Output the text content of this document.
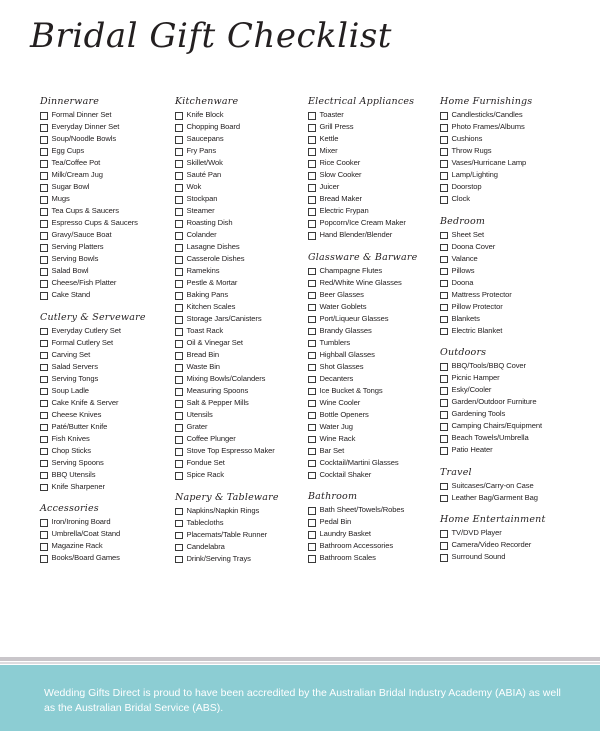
Bridal Gift Checklist
Dinnerware
Formal Dinner Set
Everyday Dinner Set
Soup/Noodle Bowls
Egg Cups
Tea/Coffee Pot
Milk/Cream Jug
Sugar Bowl
Mugs
Tea Cups & Saucers
Espresso Cups & Saucers
Gravy/Sauce Boat
Serving Platters
Serving Bowls
Salad Bowl
Cheese/Fish Platter
Cake Stand
Cutlery & Serveware
Everyday Cutlery Set
Formal Cutlery Set
Carving Set
Salad Servers
Serving Tongs
Soup Ladle
Cake Knife & Server
Cheese Knives
Paté/Butter Knife
Fish Knives
Chop Sticks
Serving Spoons
BBQ Utensils
Knife Sharpener
Accessories
Iron/Ironing Board
Umbrella/Coat Stand
Magazine Rack
Books/Board Games
Kitchenware
Knife Block
Chopping Board
Saucepans
Fry Pans
Skillet/Wok
Sauté Pan
Wok
Stockpan
Steamer
Roasting Dish
Colander
Lasagne Dishes
Casserole Dishes
Ramekins
Pestle & Mortar
Baking Pans
Kitchen Scales
Storage Jars/Canisters
Toast Rack
Oil & Vinegar Set
Bread Bin
Waste Bin
Mixing Bowls/Colanders
Measuring Spoons
Salt & Pepper Mills
Utensils
Grater
Coffee Plunger
Stove Top Espresso Maker
Fondue Set
Spice Rack
Napery & Tableware
Napkins/Napkin Rings
Tablecloths
Placemats/Table Runner
Candelabra
Drink/Serving Trays
Electrical Appliances
Toaster
Grill Press
Kettle
Mixer
Rice Cooker
Slow Cooker
Juicer
Bread Maker
Electric Frypan
Popcorn/Ice Cream Maker
Hand Blender/Blender
Glassware & Barware
Champagne Flutes
Red/White Wine Glasses
Beer Glasses
Water Goblets
Port/Liqueur Glasses
Brandy Glasses
Tumblers
Highball Glasses
Shot Glasses
Decanters
Ice Bucket & Tongs
Wine Cooler
Bottle Openers
Water Jug
Wine Rack
Bar Set
Cocktail/Martini Glasses
Cocktail Shaker
Bathroom
Bath Sheet/Towels/Robes
Pedal Bin
Laundry Basket
Bathroom Accessories
Bathroom Scales
Home Furnishings
Candlesticks/Candles
Photo Frames/Albums
Cushions
Throw Rugs
Vases/Hurricane Lamp
Lamp/Lighting
Doorstop
Clock
Bedroom
Sheet Set
Doona Cover
Valance
Pillows
Doona
Mattress Protector
Pillow Protector
Blankets
Electric Blanket
Outdoors
BBQ/Tools/BBQ Cover
Picnic Hamper
Esky/Cooler
Garden/Outdoor Furniture
Gardening Tools
Camping Chairs/Equipment
Beach Towels/Umbrella
Patio Heater
Travel
Suitcases/Carry-on Case
Leather Bag/Garment Bag
Home Entertainment
TV/DVD Player
Camera/Video Recorder
Surround Sound
Wedding Gifts Direct is proud to have been accredited by the Australian Bridal Industry Academy (ABIA) as well as the Australian Bridal Service (ABS).
